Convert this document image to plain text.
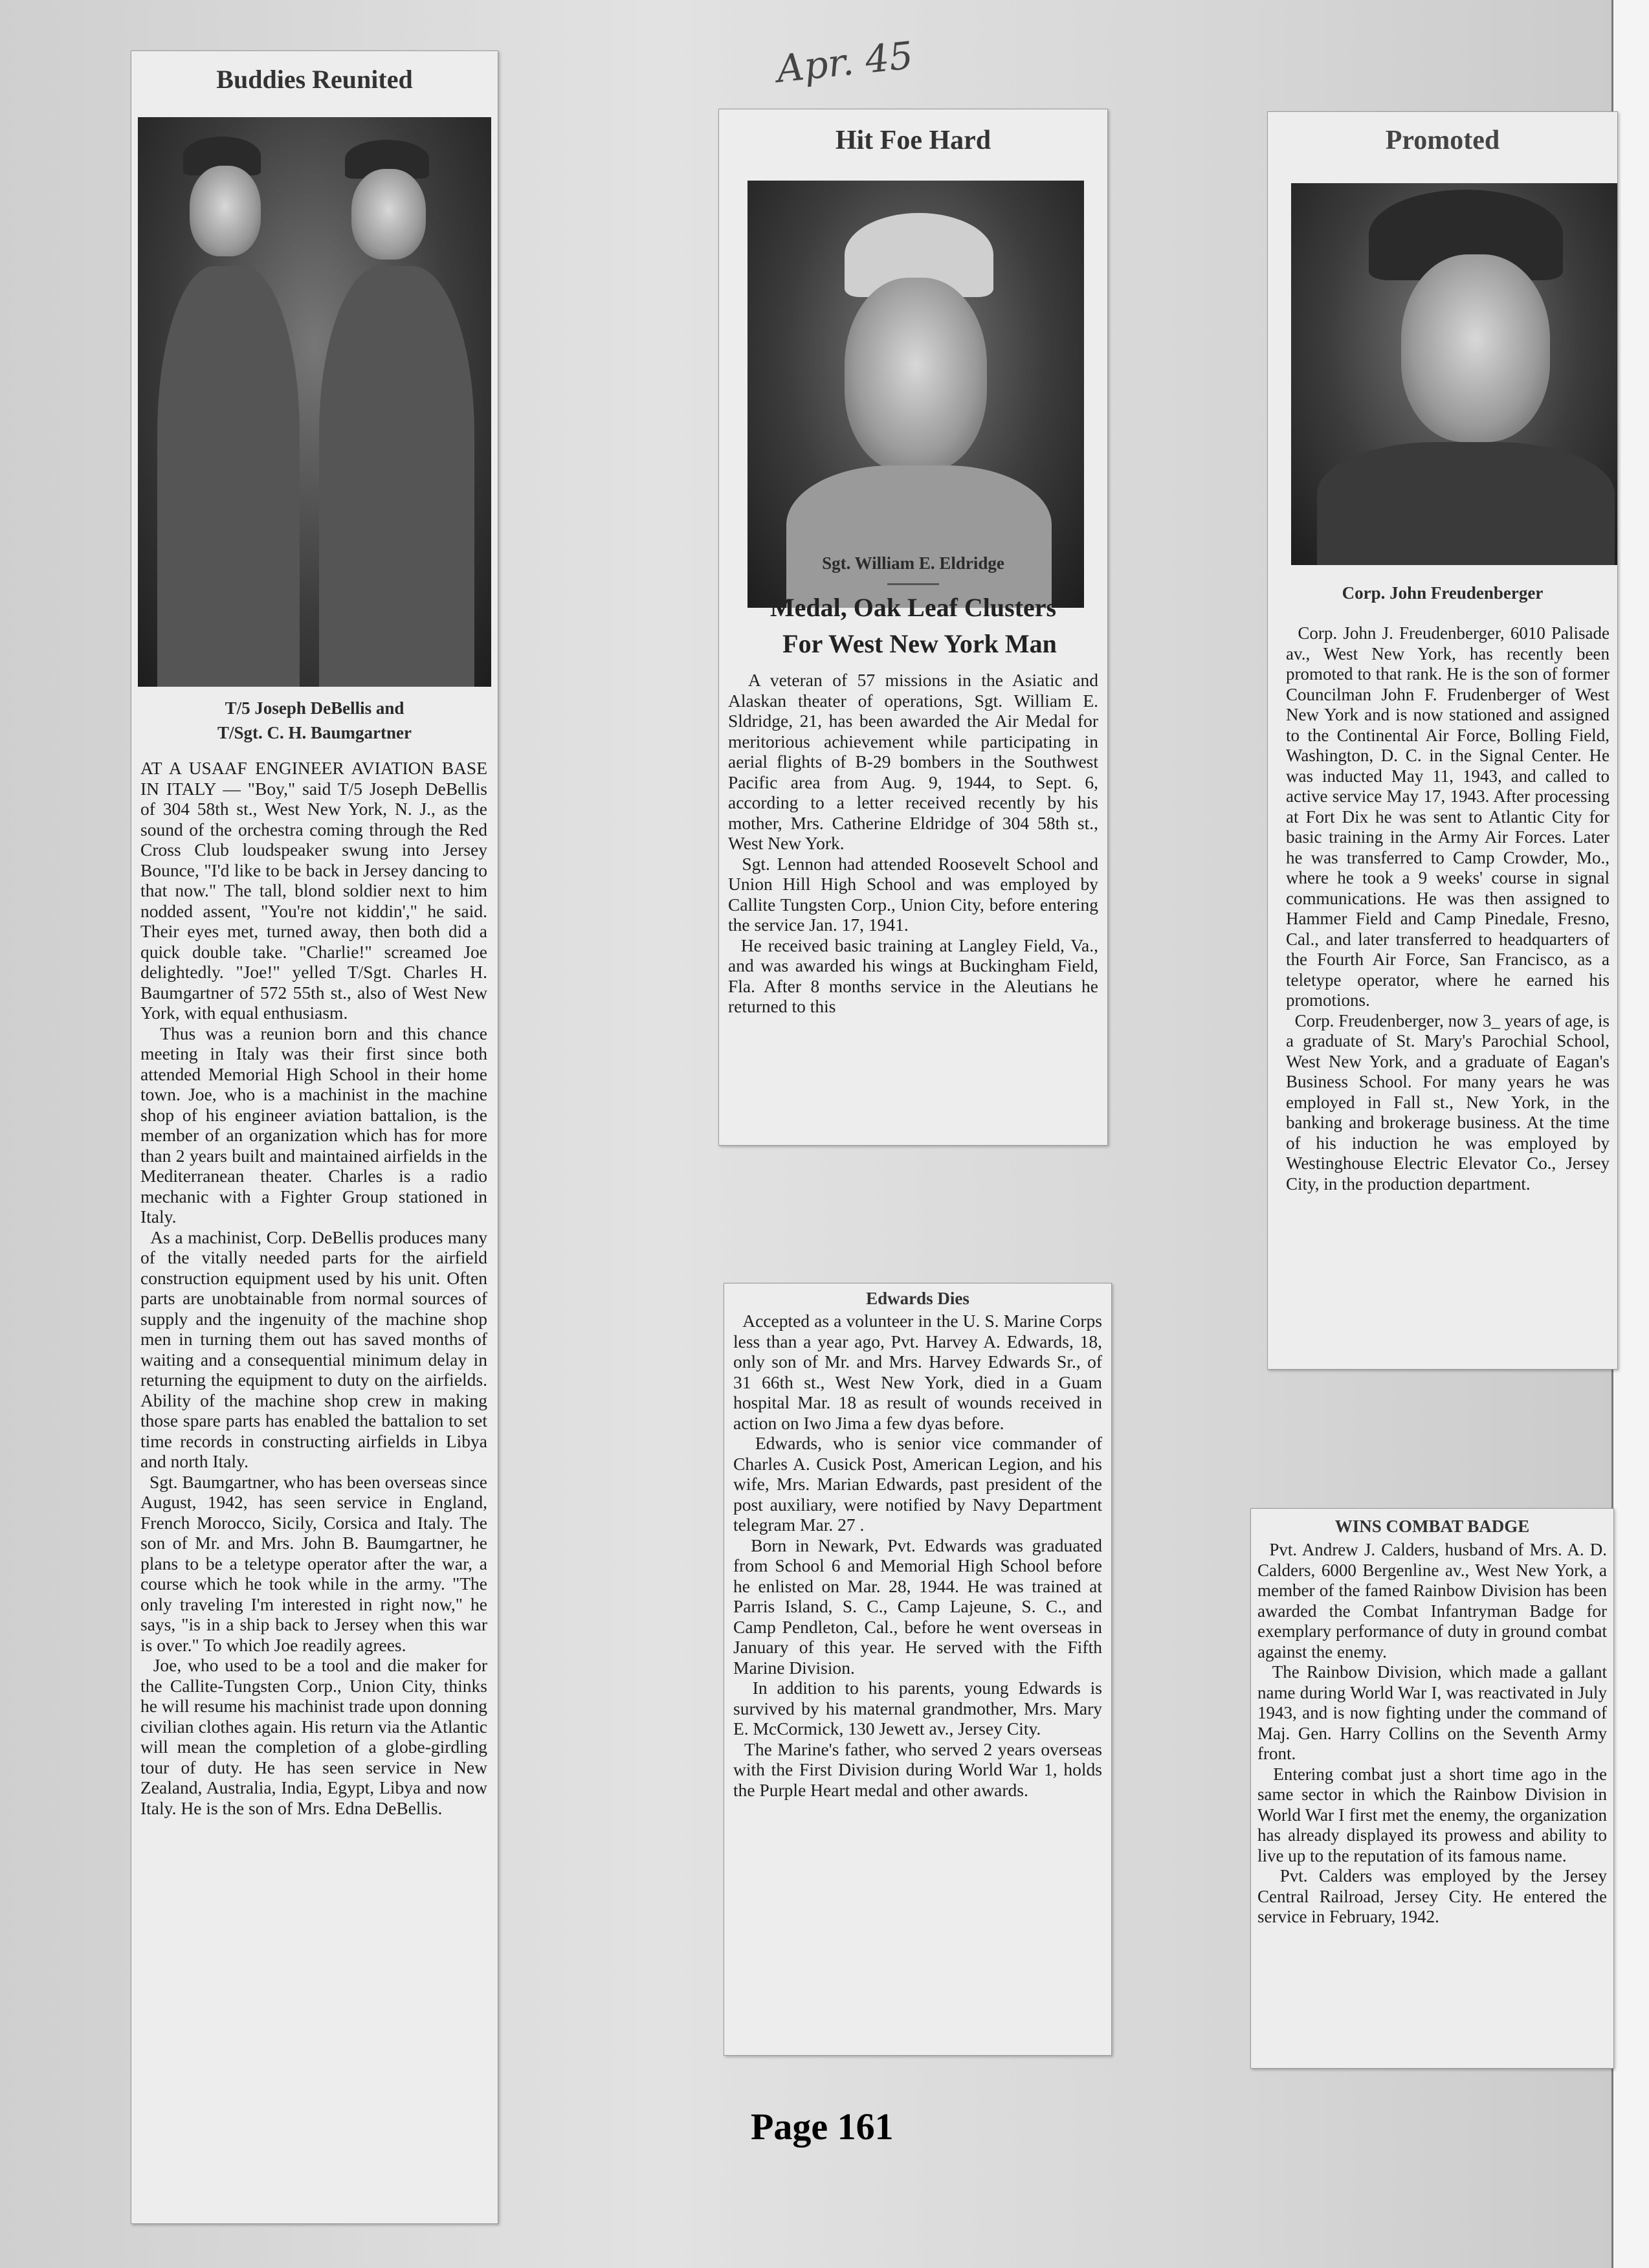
Apr. 45
Buddies Reunited
T/5 Joseph DeBellis and
T/Sgt. C. H. Baumgartner
AT A USAAF ENGINEER AVIATION BASE IN ITALY — "Boy," said T/5 Joseph DeBellis of 304 58th st., West New York, N. J., as the sound of the orchestra coming through the Red Cross Club loudspeaker swung into Jersey Bounce, "I'd like to be back in Jersey dancing to that now." The tall, blond soldier next to him nodded assent, "You're not kiddin'," he said. Their eyes met, turned away, then both did a quick double take. "Charlie!" screamed Joe delightedly. "Joe!" yelled T/Sgt. Charles H. Baumgartner of 572 55th st., also of West New York, with equal enthusiasm.
Thus was a reunion born and this chance meeting in Italy was their first since both attended Memorial High School in their home town. Joe, who is a machinist in the machine shop of his engineer aviation battalion, is the member of an organization which has for more than 2 years built and maintained airfields in the Mediterranean theater. Charles is a radio mechanic with a Fighter Group stationed in Italy.
As a machinist, Corp. DeBellis produces many of the vitally needed parts for the airfield construction equipment used by his unit. Often parts are unobtainable from normal sources of supply and the ingenuity of the machine shop men in turning them out has saved months of waiting and a consequential minimum delay in returning the equipment to duty on the airfields. Ability of the machine shop crew in making those spare parts has enabled the battalion to set time records in constructing airfields in Libya and north Italy.
Sgt. Baumgartner, who has been overseas since August, 1942, has seen service in England, French Morocco, Sicily, Corsica and Italy. The son of Mr. and Mrs. John B. Baumgartner, he plans to be a teletype operator after the war, a course which he took while in the army. "The only traveling I'm interested in right now," he says, "is in a ship back to Jersey when this war is over." To which Joe readily agrees.
Joe, who used to be a tool and die maker for the Callite-Tungsten Corp., Union City, thinks he will resume his machinist trade upon donning civilian clothes again. His return via the Atlantic will mean the completion of a globe-girdling tour of duty. He has seen service in New Zealand, Australia, India, Egypt, Libya and now Italy. He is the son of Mrs. Edna DeBellis.
Hit Foe Hard
Sgt. William E. Eldridge
Medal, Oak Leaf Clusters
For West New York Man
A veteran of 57 missions in the Asiatic and Alaskan theater of operations, Sgt. William E. Sldridge, 21, has been awarded the Air Medal for meritorious achievement while participating in aerial flights of B-29 bombers in the Southwest Pacific area from Aug. 9, 1944, to Sept. 6, according to a letter received recently by his mother, Mrs. Catherine Eldridge of 304 58th st., West New York.
Sgt. Lennon had attended Roosevelt School and Union Hill High School and was employed by Callite Tungsten Corp., Union City, before entering the service Jan. 17, 1941.
He received basic training at Langley Field, Va., and was awarded his wings at Buckingham Field, Fla. After 8 months service in the Aleutians he returned to this
Promoted
Corp. John Freudenberger
Corp. John J. Freudenberger, 6010 Palisade av., West New York, has recently been promoted to that rank. He is the son of former Councilman John F. Frudenberger of West New York and is now stationed and assigned to the Continental Air Force, Bolling Field, Washington, D. C. in the Signal Center. He was inducted May 11, 1943, and called to active service May 17, 1943. After processing at Fort Dix he was sent to Atlantic City for basic training in the Army Air Forces. Later he was transferred to Camp Crowder, Mo., where he took a 9 weeks' course in signal communications. He was then assigned to Hammer Field and Camp Pinedale, Fresno, Cal., and later transferred to headquarters of the Fourth Air Force, San Francisco, as a teletype operator, where he earned his promotions.
Corp. Freudenberger, now 3_ years of age, is a graduate of St. Mary's Parochial School, West New York, and a graduate of Eagan's Business School. For many years he was employed in Fall st., New York, in the banking and brokerage business. At the time of his induction he was employed by Westinghouse Electric Elevator Co., Jersey City, in the production department.
Edwards Dies
Accepted as a volunteer in the U. S. Marine Corps less than a year ago, Pvt. Harvey A. Edwards, 18, only son of Mr. and Mrs. Harvey Edwards Sr., of 31 66th st., West New York, died in a Guam hospital Mar. 18 as result of wounds received in action on Iwo Jima a few dyas before.
Edwards, who is senior vice commander of Charles A. Cusick Post, American Legion, and his wife, Mrs. Marian Edwards, past president of the post auxiliary, were notified by Navy Department telegram Mar. 27 .
Born in Newark, Pvt. Edwards was graduated from School 6 and Memorial High School before he enlisted on Mar. 28, 1944. He was trained at Parris Island, S. C., Camp Lajeune, S. C., and Camp Pendleton, Cal., before he went overseas in January of this year. He served with the Fifth Marine Division.
In addition to his parents, young Edwards is survived by his maternal grandmother, Mrs. Mary E. McCormick, 130 Jewett av., Jersey City.
The Marine's father, who served 2 years overseas with the First Division during World War 1, holds the Purple Heart medal and other awards.
WINS COMBAT BADGE
Pvt. Andrew J. Calders, husband of Mrs. A. D. Calders, 6000 Bergenline av., West New York, a member of the famed Rainbow Division has been awarded the Combat Infantryman Badge for exemplary performance of duty in ground combat against the enemy.
The Rainbow Division, which made a gallant name during World War I, was reactivated in July 1943, and is now fighting under the command of Maj. Gen. Harry Collins on the Seventh Army front.
Entering combat just a short time ago in the same sector in which the Rainbow Division in World War I first met the enemy, the organization has already displayed its prowess and ability to live up to the reputation of its famous name.
Pvt. Calders was employed by the Jersey Central Railroad, Jersey City. He entered the service in February, 1942.
Page 161
